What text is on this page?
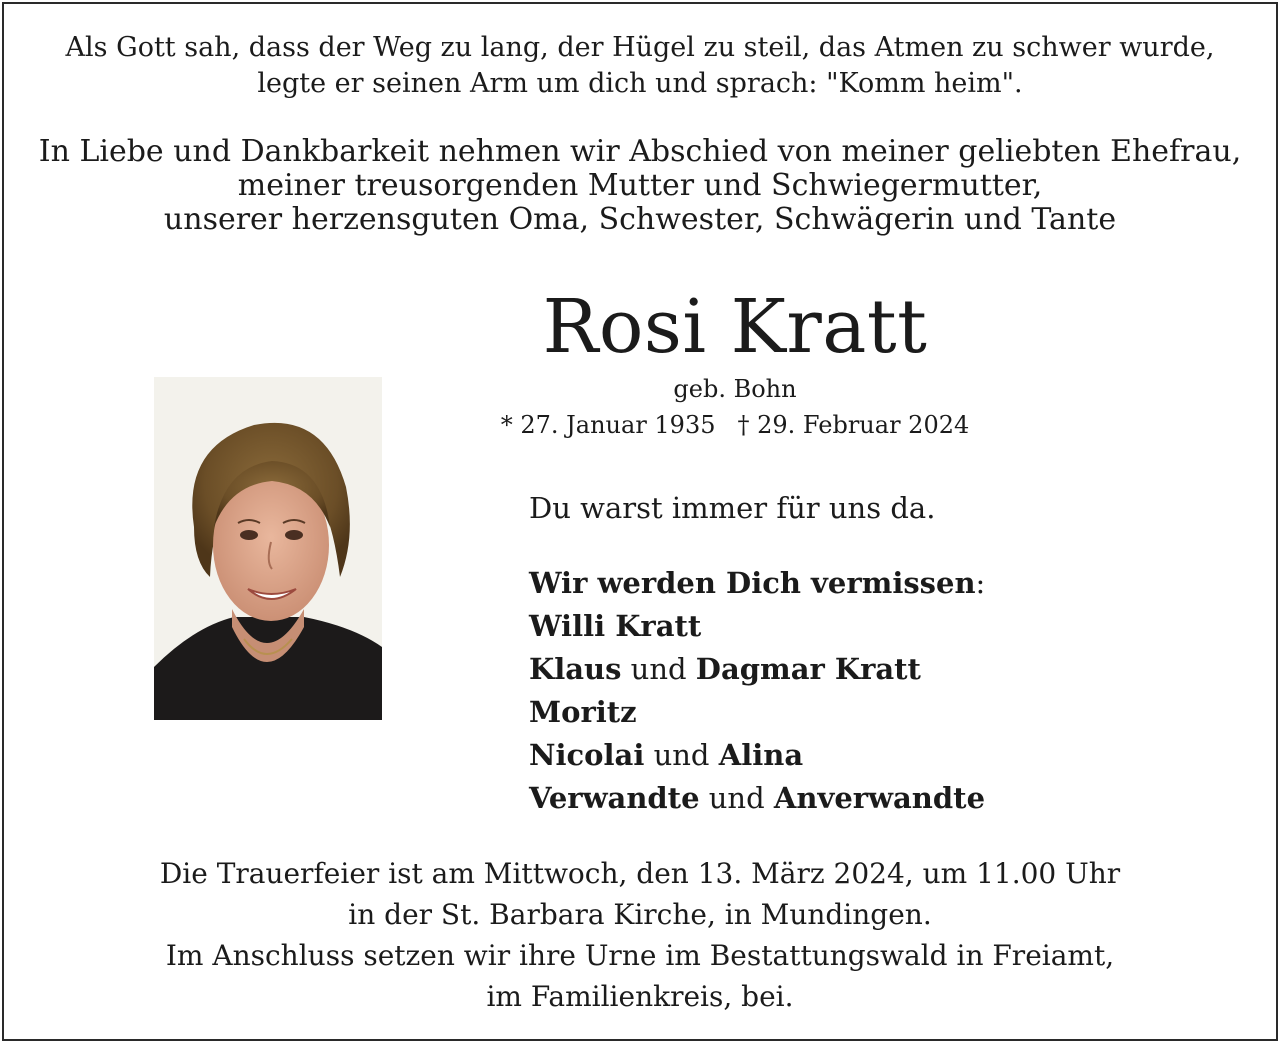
Als Gott sah, dass der Weg zu lang, der Hügel zu steil, das Atmen zu schwer wurde,
legte er seinen Arm um dich und sprach: "Komm heim".
In Liebe und Dankbarkeit nehmen wir Abschied von meiner geliebten Ehefrau,
meiner treusorgenden Mutter und Schwiegermutter,
unserer herzensguten Oma, Schwester, Schwägerin und Tante
Rosi Kratt
geb. Bohn
* 27. Januar 1935 † 29. Februar 2024
Du warst immer für uns da.
Wir werden Dich vermissen:
Willi Kratt
Klaus und Dagmar Kratt
Moritz
Nicolai und Alina
Verwandte und Anverwandte
Die Trauerfeier ist am Mittwoch, den 13. März 2024, um 11.00 Uhr
in der St. Barbara Kirche, in Mundingen.
Im Anschluss setzen wir ihre Urne im Bestattungswald in Freiamt,
im Familienkreis, bei.
